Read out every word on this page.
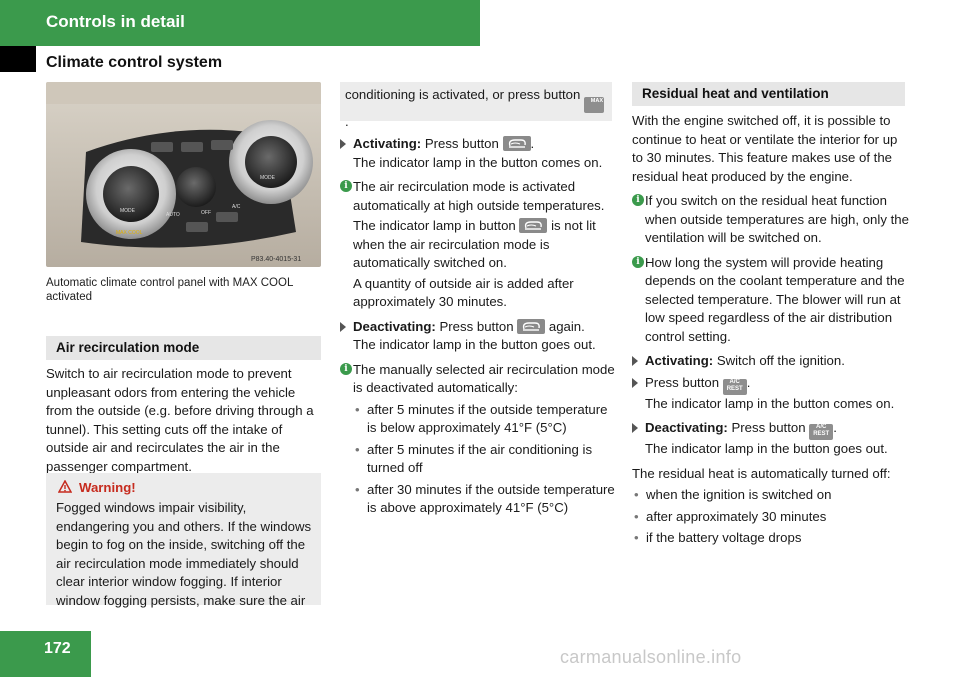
Controls in detail
Climate control system
MODE
MAX COOL
AUTO	OFF
A/C
MODE
P83.40-4015-31
Automatic climate control panel with MAX COOL activated
Air recirculation mode

Switch to air recirculation mode to prevent unpleasant odors from entering the vehicle from the outside (e.g. before driving through a tunnel). This setting cuts off the intake of outside air and recirculates the air in the passenger compartment.

Warning!
Fogged windows impair visibility, endangering you and others. If the windows begin to fog on the inside, switching off the air recirculation mode immediately should clear interior window fogging. If interior window fogging persists, make sure the air
conditioning is activated, or press button MAX.
Activating: Press button .
The indicator lamp in the button comes on.
i The air recirculation mode is activated automatically at high outside temperatures.
The indicator lamp in button	is not lit when the air recirculation mode is automatically switched on.
A quantity of outside air is added after approximately 30 minutes.
Deactivating: Press button	again.
The indicator lamp in the button goes out.
i The manually selected air recirculation mode is deactivated automatically:
• after 5 minutes if the outside temperature is below approximately 41°F (5°C)
• after 5 minutes if the air conditioning is turned off
• after 30 minutes if the outside temperature is above approximately 41°F (5°C)
Residual heat and ventilation
With the engine switched off, it is possible to continue to heat or ventilate the interior for up to 30 minutes. This feature makes use of the residual heat produced by the engine.
i If you switch on the residual heat function when outside temperatures are high, only the ventilation will be switched on.
i How long the system will provide heating depends on the coolant temperature and the selected temperature. The blower will run at low speed regardless of the air distribution control setting.
Activating: Switch off the ignition.
Press button A/C
REST .
The indicator lamp in the button comes on.
Deactivating: Press button A/C
REST .
The indicator lamp in the button goes out.
The residual heat is automatically turned off:
• when the ignition is switched on
• after approximately 30 minutes
• if the battery voltage drops
172	carmanualsonline.info
